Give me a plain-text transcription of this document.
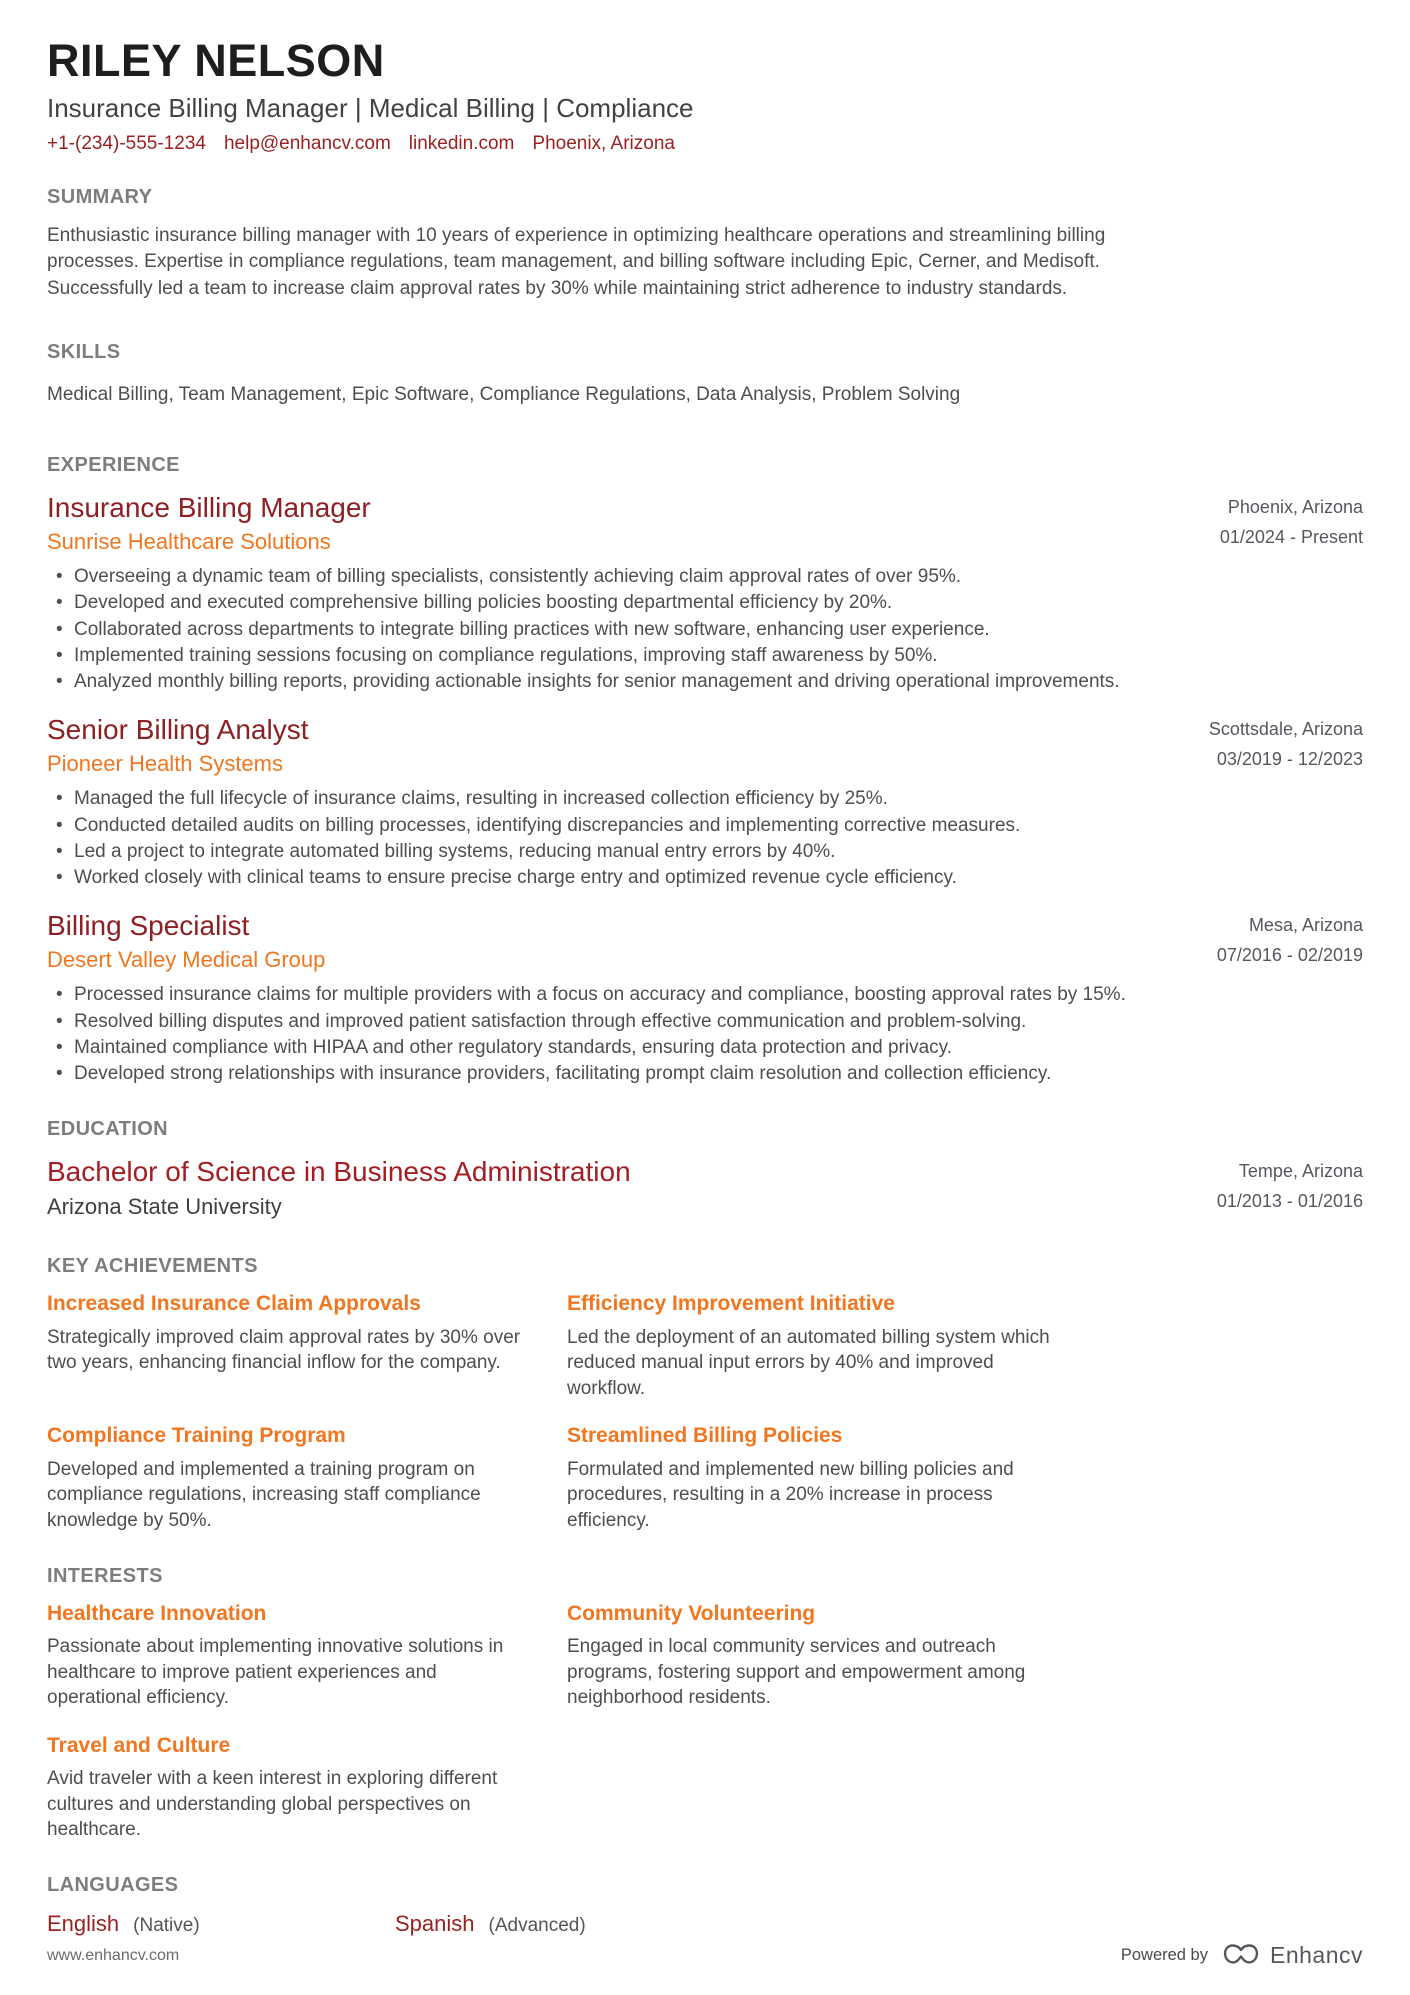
RILEY NELSON
Insurance Billing Manager | Medical Billing | Compliance
+1-(234)-555-1234 help@enhancv.com linkedin.com Phoenix, Arizona
SUMMARY
Enthusiastic insurance billing manager with 10 years of experience in optimizing healthcare operations and streamlining billing processes. Expertise in compliance regulations, team management, and billing software including Epic, Cerner, and Medisoft. Successfully led a team to increase claim approval rates by 30% while maintaining strict adherence to industry standards.
SKILLS
Medical Billing, Team Management, Epic Software, Compliance Regulations, Data Analysis, Problem Solving
EXPERIENCE
Insurance Billing Manager
Sunrise Healthcare Solutions
Phoenix, Arizona
01/2024 - Present
• Overseeing a dynamic team of billing specialists, consistently achieving claim approval rates of over 95%.
• Developed and executed comprehensive billing policies boosting departmental efficiency by 20%.
• Collaborated across departments to integrate billing practices with new software, enhancing user experience.
• Implemented training sessions focusing on compliance regulations, improving staff awareness by 50%.
• Analyzed monthly billing reports, providing actionable insights for senior management and driving operational improvements.
Senior Billing Analyst
Pioneer Health Systems
Scottsdale, Arizona
03/2019 - 12/2023
• Managed the full lifecycle of insurance claims, resulting in increased collection efficiency by 25%.
• Conducted detailed audits on billing processes, identifying discrepancies and implementing corrective measures.
• Led a project to integrate automated billing systems, reducing manual entry errors by 40%.
• Worked closely with clinical teams to ensure precise charge entry and optimized revenue cycle efficiency.
Billing Specialist
Desert Valley Medical Group
Mesa, Arizona
07/2016 - 02/2019
• Processed insurance claims for multiple providers with a focus on accuracy and compliance, boosting approval rates by 15%.
• Resolved billing disputes and improved patient satisfaction through effective communication and problem-solving.
• Maintained compliance with HIPAA and other regulatory standards, ensuring data protection and privacy.
• Developed strong relationships with insurance providers, facilitating prompt claim resolution and collection efficiency.
EDUCATION
Bachelor of Science in Business Administration
Arizona State University
Tempe, Arizona
01/2013 - 01/2016
KEY ACHIEVEMENTS
Increased Insurance Claim Approvals
Strategically improved claim approval rates by 30% over two years, enhancing financial inflow for the company.
Efficiency Improvement Initiative
Led the deployment of an automated billing system which reduced manual input errors by 40% and improved workflow.
Compliance Training Program
Developed and implemented a training program on compliance regulations, increasing staff compliance knowledge by 50%.
Streamlined Billing Policies
Formulated and implemented new billing policies and procedures, resulting in a 20% increase in process efficiency.
INTERESTS
Healthcare Innovation
Passionate about implementing innovative solutions in healthcare to improve patient experiences and operational efficiency.
Community Volunteering
Engaged in local community services and outreach programs, fostering support and empowerment among neighborhood residents.
Travel and Culture
Avid traveler with a keen interest in exploring different cultures and understanding global perspectives on healthcare.
LANGUAGES
English (Native)	Spanish (Advanced)
www.enhancv.com	Powered by	Enhancv
